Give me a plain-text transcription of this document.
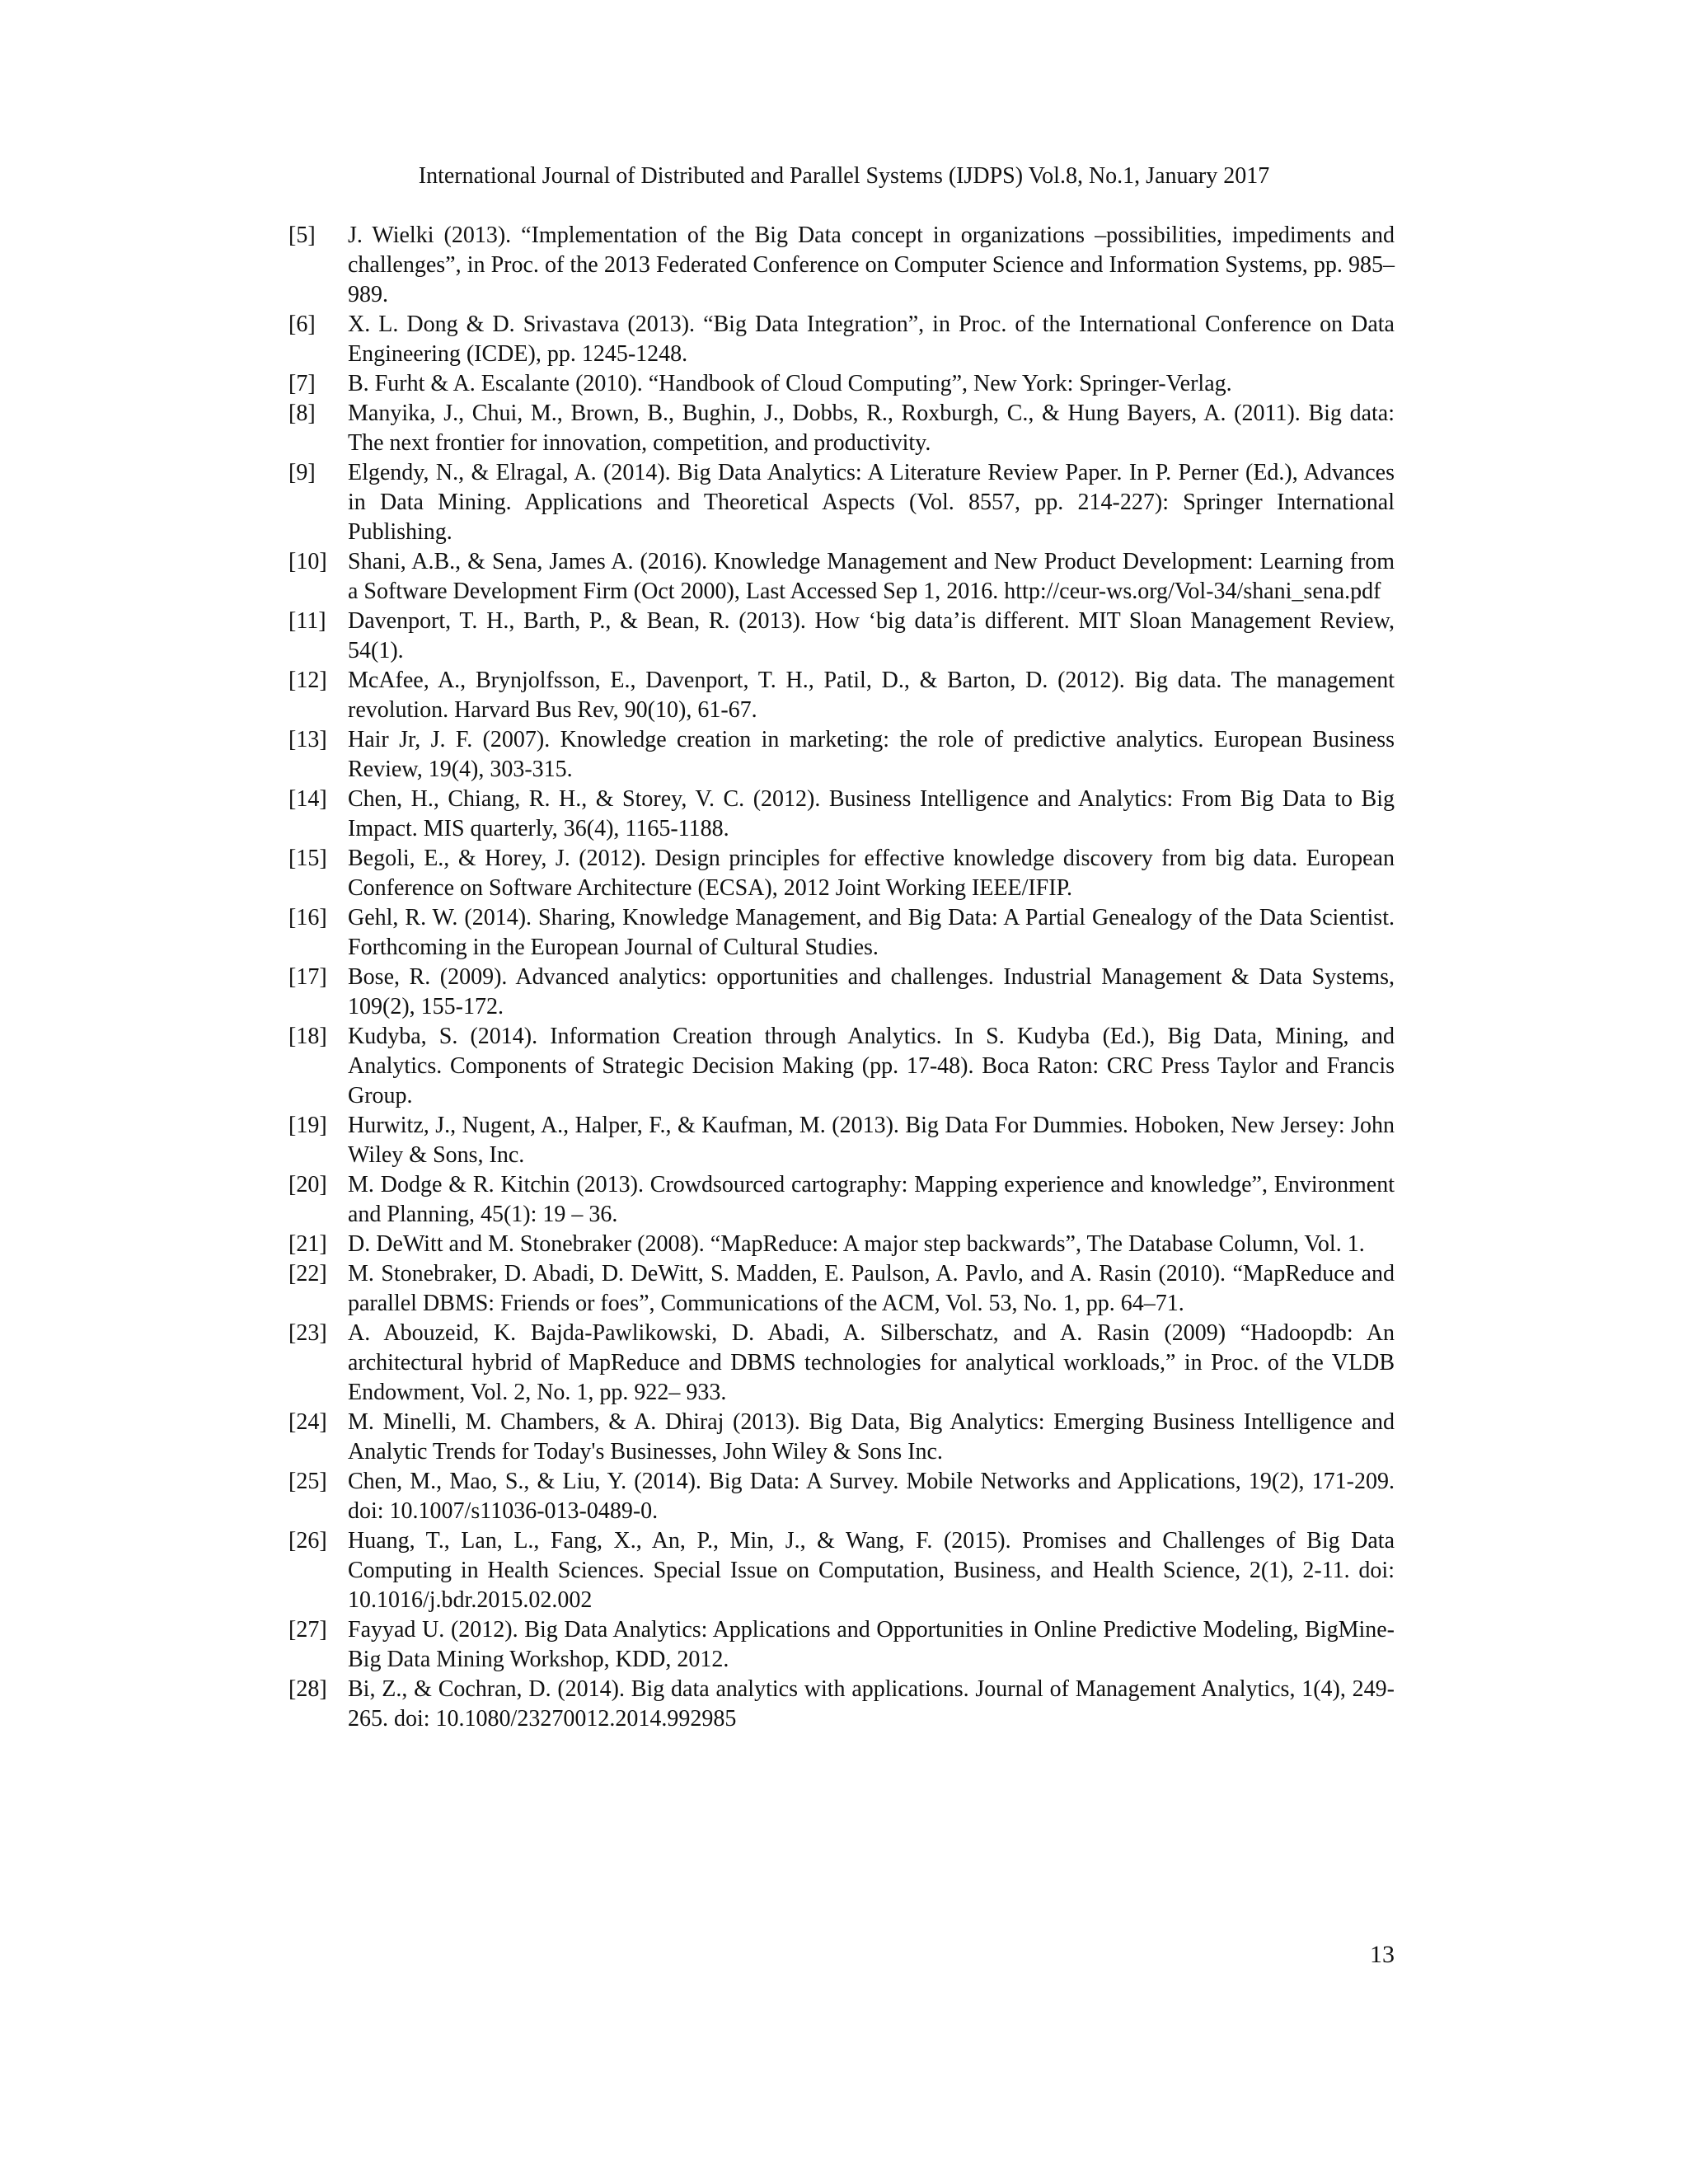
International Journal of Distributed and Parallel Systems (IJDPS) Vol.8, No.1, January 2017
[5] J. Wielki (2013). “Implementation of the Big Data concept in organizations –possibilities, impediments and challenges”, in Proc. of the 2013 Federated Conference on Computer Science and Information Systems, pp. 985–989.
[6] X. L. Dong & D. Srivastava (2013). “Big Data Integration”, in Proc. of the International Conference on Data Engineering (ICDE), pp. 1245-1248.
[7] B. Furht & A. Escalante (2010). “Handbook of Cloud Computing”, New York: Springer-Verlag.
[8] Manyika, J., Chui, M., Brown, B., Bughin, J., Dobbs, R., Roxburgh, C., & Hung Bayers, A. (2011). Big data: The next frontier for innovation, competition, and productivity.
[9] Elgendy, N., & Elragal, A. (2014). Big Data Analytics: A Literature Review Paper. In P. Perner (Ed.), Advances in Data Mining. Applications and Theoretical Aspects (Vol. 8557, pp. 214-227): Springer International Publishing.
[10] Shani, A.B., & Sena, James A. (2016). Knowledge Management and New Product Development: Learning from a Software Development Firm (Oct 2000), Last Accessed Sep 1, 2016. http://ceur-ws.org/Vol-34/shani_sena.pdf
[11] Davenport, T. H., Barth, P., & Bean, R. (2013). How ‘big data’is different. MIT Sloan Management Review, 54(1).
[12] McAfee, A., Brynjolfsson, E., Davenport, T. H., Patil, D., & Barton, D. (2012). Big data. The management revolution. Harvard Bus Rev, 90(10), 61-67.
[13] Hair Jr, J. F. (2007). Knowledge creation in marketing: the role of predictive analytics. European Business Review, 19(4), 303-315.
[14] Chen, H., Chiang, R. H., & Storey, V. C. (2012). Business Intelligence and Analytics: From Big Data to Big Impact. MIS quarterly, 36(4), 1165-1188.
[15] Begoli, E., & Horey, J. (2012). Design principles for effective knowledge discovery from big data. European Conference on Software Architecture (ECSA), 2012 Joint Working IEEE/IFIP.
[16] Gehl, R. W. (2014). Sharing, Knowledge Management, and Big Data: A Partial Genealogy of the Data Scientist. Forthcoming in the European Journal of Cultural Studies.
[17] Bose, R. (2009). Advanced analytics: opportunities and challenges. Industrial Management & Data Systems, 109(2), 155-172.
[18] Kudyba, S. (2014). Information Creation through Analytics. In S. Kudyba (Ed.), Big Data, Mining, and Analytics. Components of Strategic Decision Making (pp. 17-48). Boca Raton: CRC Press Taylor and Francis Group.
[19] Hurwitz, J., Nugent, A., Halper, F., & Kaufman, M. (2013). Big Data For Dummies. Hoboken, New Jersey: John Wiley & Sons, Inc.
[20] M. Dodge & R. Kitchin (2013). Crowdsourced cartography: Mapping experience and knowledge”, Environment and Planning, 45(1): 19 – 36.
[21] D. DeWitt and M. Stonebraker (2008). “MapReduce: A major step backwards”, The Database Column, Vol. 1.
[22] M. Stonebraker, D. Abadi, D. DeWitt, S. Madden, E. Paulson, A. Pavlo, and A. Rasin (2010). “MapReduce and parallel DBMS: Friends or foes”, Communications of the ACM, Vol. 53, No. 1, pp. 64–71.
[23] A. Abouzeid, K. Bajda-Pawlikowski, D. Abadi, A. Silberschatz, and A. Rasin (2009) “Hadoopdb: An architectural hybrid of MapReduce and DBMS technologies for analytical workloads,” in Proc. of the VLDB Endowment, Vol. 2, No. 1, pp. 922– 933.
[24] M. Minelli, M. Chambers, & A. Dhiraj (2013). Big Data, Big Analytics: Emerging Business Intelligence and Analytic Trends for Today's Businesses, John Wiley & Sons Inc.
[25] Chen, M., Mao, S., & Liu, Y. (2014). Big Data: A Survey. Mobile Networks and Applications, 19(2), 171-209. doi: 10.1007/s11036-013-0489-0.
[26] Huang, T., Lan, L., Fang, X., An, P., Min, J., & Wang, F. (2015). Promises and Challenges of Big Data Computing in Health Sciences. Special Issue on Computation, Business, and Health Science, 2(1), 2-11. doi: 10.1016/j.bdr.2015.02.002
[27] Fayyad U. (2012). Big Data Analytics: Applications and Opportunities in Online Predictive Modeling, BigMine- Big Data Mining Workshop, KDD, 2012.
[28] Bi, Z., & Cochran, D. (2014). Big data analytics with applications. Journal of Management Analytics, 1(4), 249-265. doi: 10.1080/23270012.2014.992985
13
